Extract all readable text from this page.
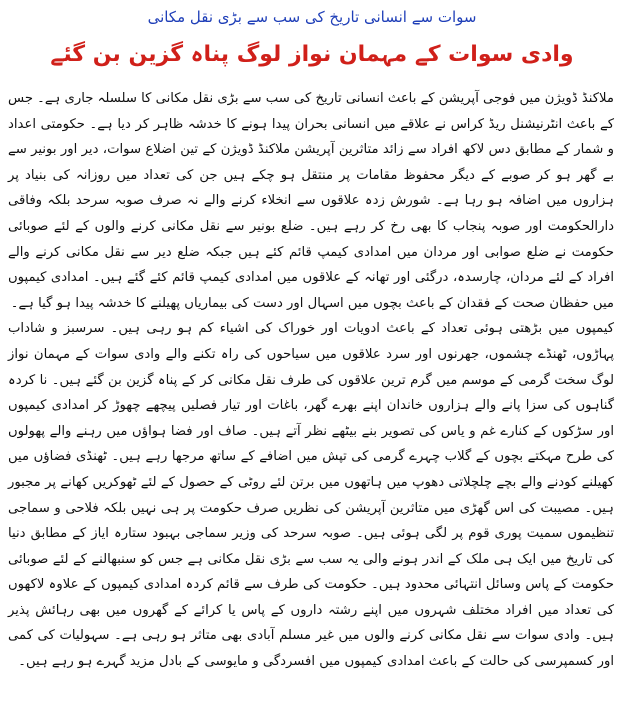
سوات سے انسانی تاریخ کی سب سے بڑی نقل مکانی
وادی سوات کے مہمان نواز لوگ پناہ گزین بن گئے

ملاکنڈ ڈویژن میں فوجی آپریشن کے باعث انسانی تاریخ کی سب سے بڑی نقل مکانی کا سلسلہ جاری ہے۔ جس کے باعث انٹرنیشنل ریڈ کراس نے علاقے میں انسانی بحران پیدا ہونے کا خدشہ ظاہر کر دیا ہے۔ حکومتی اعداد و شمار کے مطابق دس لاکھ افراد سے زائد متاثرین آپریشن ملاکنڈ ڈویژن کے تین اضلاع سوات، دیر اور بونیر سے بے گھر ہو کر صوبے کے دیگر محفوظ مقامات پر منتقل ہو چکے ہیں جن کی تعداد میں روزانہ کی بنیاد پر ہزاروں میں اضافہ ہو رہا ہے۔ شورش زدہ علاقوں سے انخلاء کرنے والے نہ صرف صوبہ سرحد بلکہ وفاقی دارالحکومت اور صوبہ پنجاب کا بھی رخ کر رہے ہیں۔ ضلع بونیر سے نقل مکانی کرنے والوں کے لئے صوبائی حکومت نے ضلع صوابی اور مردان میں امدادی کیمپ قائم کئے ہیں جبکہ ضلع دیر سے نقل مکانی کرنے والے افراد کے لئے مردان، چارسدہ، درگئی اور تھانہ کے علاقوں میں امدادی کیمپ قائم کئے گئے ہیں۔ امدادی کیمپوں میں حفظان صحت کے فقدان کے باعث بچوں میں اسہال اور دست کی بیماریاں پھیلنے کا خدشہ پیدا ہو گیا ہے۔

کیمپوں میں بڑھتی ہوئی تعداد کے باعث ادویات اور خوراک کی اشیاء کم ہو رہی ہیں۔ سرسبز و شاداب پہاڑوں، ٹھنڈے چشموں، جھرنوں اور سرد علاقوں میں سیاحوں کی راہ تکنے والے وادی سوات کے مہمان نواز لوگ سخت گرمی کے موسم میں گرم ترین علاقوں کی طرف نقل مکانی کر کے پناہ گزین بن گئے ہیں۔ نا کردہ گناہوں کی سزا پانے والے ہزاروں خاندان اپنے بھرے گھر، باغات اور تیار فصلیں پیچھے چھوڑ کر امدادی کیمپوں اور سڑکوں کے کنارے غم و یاس کی تصویر بنے بیٹھے نظر آتے ہیں۔ صاف اور فضا ہواؤں میں رہنے والے پھولوں کی طرح مہکتے بچوں کے گلاب چہرے گرمی کی تپش میں اضافے کے ساتھ مرجھا رہے ہیں۔ ٹھنڈی فضاؤں میں کھیلنے کودنے والے بچے چلچلاتی دھوپ میں ہاتھوں میں برتن لئے روٹی کے حصول کے لئے ٹھوکریں کھانے پر مجبور ہیں۔ مصیبت کی اس گھڑی میں متاثرین آپریشن کی نظریں صرف حکومت پر ہی نہیں بلکہ فلاحی و سماجی تنظیموں سمیت پوری قوم پر لگی ہوئی ہیں۔ صوبہ سرحد کی وزیر سماجی بہبود ستارہ ایاز کے مطابق دنیا کی تاریخ میں ایک ہی ملک کے اندر ہونے والی یہ سب سے بڑی نقل مکانی ہے جس کو سنبھالنے کے لئے صوبائی حکومت کے پاس وسائل انتہائی محدود ہیں۔ حکومت کی طرف سے قائم کردہ امدادی کیمپوں کے علاوہ لاکھوں کی تعداد میں افراد مختلف شہروں میں اپنے رشتہ داروں کے پاس یا کرائے کے گھروں میں بھی رہائش پذیر ہیں۔ وادی سوات سے نقل مکانی کرنے والوں میں غیر مسلم آبادی بھی متاثر ہو رہی ہے۔ سہولیات کی کمی اور کسمپرسی کی حالت کے باعث امدادی کیمپوں میں افسردگی و مایوسی کے بادل مزید گہرے ہو رہے ہیں۔
